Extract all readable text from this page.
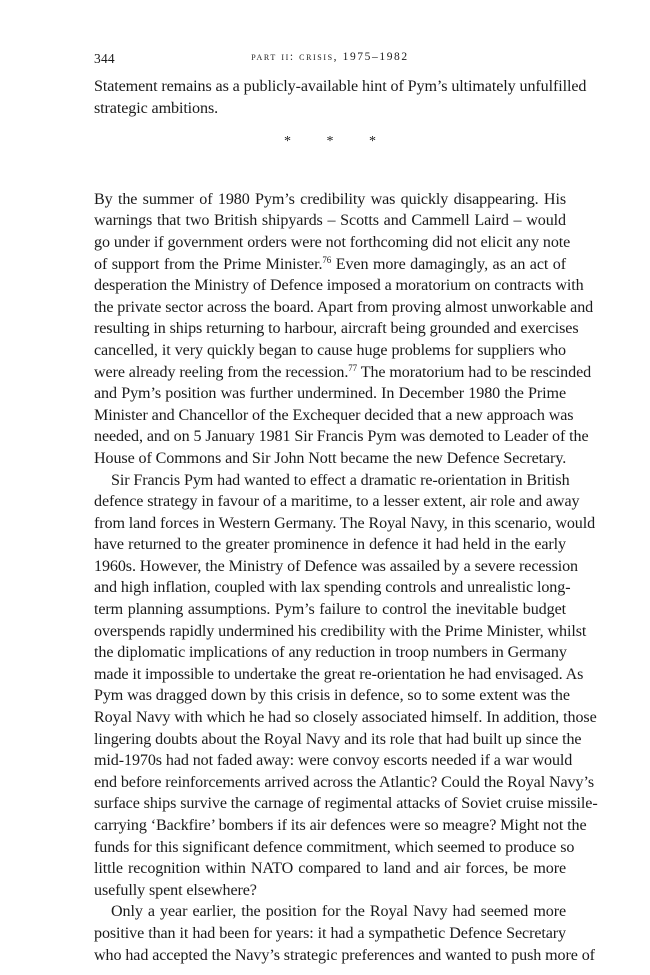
344	part ii: crisis, 1975–1982
Statement remains as a publicly-available hint of Pym’s ultimately unfulfilled
strategic ambitions.
* * *
By the summer of 1980 Pym’s credibility was quickly disappearing. His
warnings that two British shipyards – Scotts and Cammell Laird – would
go under if government orders were not forthcoming did not elicit any note
of support from the Prime Minister.$^{76}$ Even more damagingly, as an act of
desperation the Ministry of Defence imposed a moratorium on contracts with
the private sector across the board. Apart from proving almost unworkable and
resulting in ships returning to harbour, aircraft being grounded and exercises
cancelled, it very quickly began to cause huge problems for suppliers who
were already reeling from the recession.$^{77}$ The moratorium had to be rescinded
and Pym’s position was further undermined. In December 1980 the Prime
Minister and Chancellor of the Exchequer decided that a new approach was
needed, and on 5 January 1981 Sir Francis Pym was demoted to Leader of the
House of Commons and Sir John Nott became the new Defence Secretary.
Sir Francis Pym had wanted to effect a dramatic re-orientation in British
defence strategy in favour of a maritime, to a lesser extent, air role and away
from land forces in Western Germany. The Royal Navy, in this scenario, would
have returned to the greater prominence in defence it had held in the early
1960s. However, the Ministry of Defence was assailed by a severe recession
and high inflation, coupled with lax spending controls and unrealistic long-
term planning assumptions. Pym’s failure to control the inevitable budget
overspends rapidly undermined his credibility with the Prime Minister, whilst
the diplomatic implications of any reduction in troop numbers in Germany
made it impossible to undertake the great re-orientation he had envisaged. As
Pym was dragged down by this crisis in defence, so to some extent was the
Royal Navy with which he had so closely associated himself. In addition, those
lingering doubts about the Royal Navy and its role that had built up since the
mid-1970s had not faded away: were convoy escorts needed if a war would
end before reinforcements arrived across the Atlantic? Could the Royal Navy’s
surface ships survive the carnage of regimental attacks of Soviet cruise missile-
carrying ‘Backfire’ bombers if its air defences were so meagre? Might not the
funds for this significant defence commitment, which seemed to produce so
little recognition within NATO compared to land and air forces, be more
usefully spent elsewhere?
Only a year earlier, the position for the Royal Navy had seemed more
positive than it had been for years: it had a sympathetic Defence Secretary
who had accepted the Navy’s strategic preferences and wanted to push more of
